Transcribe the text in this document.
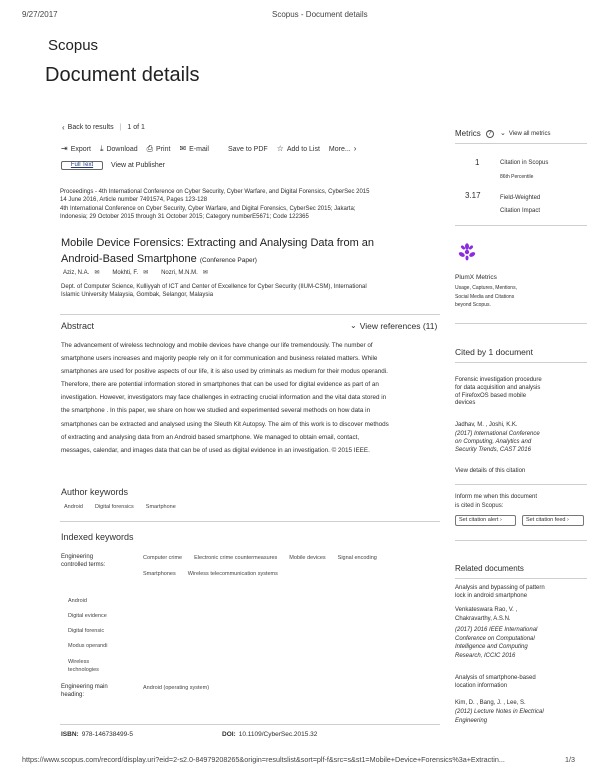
9/27/2017	Scopus - Document details
Scopus
Document details
‹ Back to results | 1 of 1
⇥ Export ⤓ Download ⎙ Print ✉ E-mail	Save to PDF ☆ Add to List More... ›
Full Text	View at Publisher
Proceedings - 4th International Conference on Cyber Security, Cyber Warfare, and Digital Forensics, CyberSec 2015
14 June 2016, Article number 7491574, Pages 123-128
4th International Conference on Cyber Security, Cyber Warfare, and Digital Forensics, CyberSec 2015; Jakarta;
Indonesia; 29 October 2015 through 31 October 2015; Category numberE5671; Code 122365
Mobile Device Forensics: Extracting and Analysing Data from an
Android-Based Smartphone (Conference Paper)
Aziz, N.A. ✉ Mokhti, F. ✉ Nozri, M.N.M. ✉
Dept. of Computer Science, Kulliyyah of ICT and Center of Excellence for Cyber Security (IIUM-CSM), International
Islamic University Malaysia, Gombak, Selangor, Malaysia
Abstract	⌄ View references (11)
The advancement of wireless technology and mobile devices have change our life tremendously. The number of
smartphone users increases and majority people rely on it for communication and business related matters. While
smartphones are used for positive aspects of our life, it is also used by criminals as medium for their modus operandi.
Therefore, there are potential information stored in smartphones that can be used for digital evidence as part of an
investigation. However, investigators may face challenges in extracting crucial information and the vital data stored in
the smartphone . In this paper, we share on how we studied and experimented several methods on how data in
smartphones can be extracted and analysed using the Sleuth Kit Autopsy. The aim of this work is to discover methods
of extracting and analysing data from an Android based smartphone. We managed to obtain email, contact,
messages, calendar, and images data that can be of used as digital evidence in an investigation. © 2015 IEEE.
Author keywords
Android Digital forensics Smartphone
Indexed keywords
Engineering
controlled terms:
Computer crime Electronic crime countermeasures Mobile devices Signal encoding
Smartphones Wireless telecommunication systems
Android
Digital evidence
Digital forensic
Modus operandi
Wireless
technologies
Engineering main
heading:
Android (operating system)
ISBN: 978-146738499-5	DOI: 10.1109/CyberSec.2015.32
https://www.scopus.com/record/display.uri?eid=2-s2.0-84979208265&origin=resultslist&sort=plf-f&src=s&st1=Mobile+Device+Forensics%3a+Extractin...	1/3
Metrics	?	⌄ View all metrics
1	Citation in Scopus
86th Percentile
3.17	Field-Weighted
Citation Impact
PlumX Metrics
Usage, Captures, Mentions,
Social Media and Citations
beyond Scopus.
Cited by 1 document
Forensic investigation procedure
for data acquisition and analysis
of FirefoxOS based mobile
devices
Jadhav, M. , Joshi, K.K.
(2017) International Conference
on Computing, Analytics and
Security Trends, CAST 2016
View details of this citation
Inform me when this document
is cited in Scopus:
Set citation alert ›	Set citation feed ›
Related documents
Analysis and bypassing of pattern
lock in android smartphone
Venkateswara Rao, V. ,
Chakravarthy, A.S.N.
(2017) 2016 IEEE International
Conference on Computational
Intelligence and Computing
Research, ICCIC 2016
Analysis of smartphone-based
location information
Kim, D. , Bang, J. , Lee, S.
(2012) Lecture Notes in Electrical
Engineering
